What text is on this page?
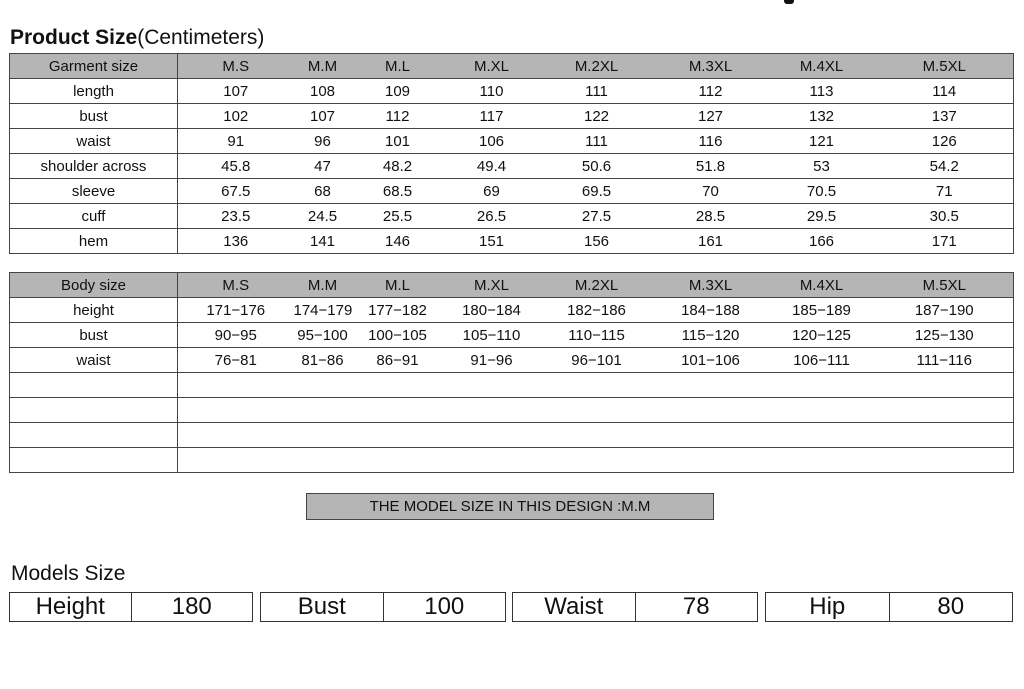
Product Size(Centimeters)
Garment size	M.S	M.M	M.L	M.XL	M.2XL	M.3XL	M.4XL	M.5XL
length	107	108	109	110	111	112	113	114
bust	102	107	112	117	122	127	132	137
waist	91	96	101	106	111	116	121	126
shoulder across	45.8	47	48.2	49.4	50.6	51.8	53	54.2
sleeve	67.5	68	68.5	69	69.5	70	70.5	71
cuff	23.5	24.5	25.5	26.5	27.5	28.5	29.5	30.5
hem	136	141	146	151	156	161	166	171
Body size	M.S	M.M	M.L	M.XL	M.2XL	M.3XL	M.4XL	M.5XL
height	171−176	174−179	177−182	180−184	182−186	184−188	185−189	187−190
bust	90−95	95−100	100−105	105−110	110−115	115−120	120−125	125−130
waist	76−81	81−86	86−91	91−96	96−101	101−106	106−111	111−116

THE MODEL SIZE IN THIS DESIGN :M.M
Models Size
Height	180	Bust	100	Waist	78	Hip	80
